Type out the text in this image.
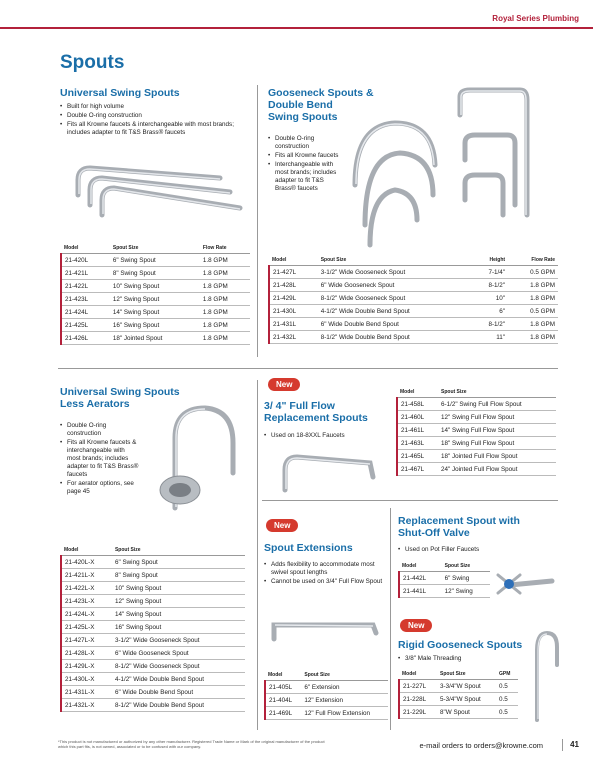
Royal Series Plumbing
Spouts
Universal Swing Spouts
• Built for high volume
• Double O-ring construction
• Fits all Krowne faucets & interchangeable with most brands; includes adapter to fit T&S Brass® faucets
Model	Spout Size	Flow Rate
21-420L	6" Swing Spout	1.8 GPM
21-421L	8" Swing Spout	1.8 GPM
21-422L	10" Swing Spout	1.8 GPM
21-423L	12" Swing Spout	1.8 GPM
21-424L	14" Swing Spout	1.8 GPM
21-425L	16" Swing Spout	1.8 GPM
21-426L	18" Jointed Spout	1.8 GPM
Gooseneck Spouts &
Double Bend
Swing Spouts
• Double O-ring construction
• Fits all Krowne faucets
• Interchangeable with most brands; includes adapter to fit T&S Brass® faucets
Model	Spout Size	Height	Flow Rate
21-427L	3-1/2" Wide Gooseneck Spout	7-1/4"	0.5 GPM
21-428L	6" Wide Gooseneck Spout	8-1/2"	1.8 GPM
21-429L	8-1/2" Wide Gooseneck Spout	10"	1.8 GPM
21-430L	4-1/2" Wide Double Bend Spout	6"	0.5 GPM
21-431L	6" Wide Double Bend Spout	8-1/2"	1.8 GPM
21-432L	8-1/2" Wide Double Bend Spout	11"	1.8 GPM
Universal Swing Spouts
Less Aerators
• Double O-ring construction
• Fits all Krowne faucets & interchangeable with most brands; includes adapter to fit T&S Brass® faucets
• For aerator options, see page 45
Model	Spout Size
21-420L-X	6" Swing Spout
21-421L-X	8" Swing Spout
21-422L-X	10" Swing Spout
21-423L-X	12" Swing Spout
21-424L-X	14" Swing Spout
21-425L-X	16" Swing Spout
21-427L-X	3-1/2" Wide Gooseneck Spout
21-428L-X	6" Wide Gooseneck Spout
21-429L-X	8-1/2" Wide Gooseneck Spout
21-430L-X	4-1/2" Wide Double Bend Spout
21-431L-X	6" Wide Double Bend Spout
21-432L-X	8-1/2" Wide Double Bend Spout
New
3/ 4" Full Flow
Replacement Spouts
• Used on 18-8XXL Faucets
Model	Spout Size
21-458L	6-1/2" Swing Full Flow Spout
21-460L	12" Swing Full Flow Spout
21-461L	14" Swing Full Flow Spout
21-463L	18" Swing Full Flow Spout
21-465L	18" Jointed Full Flow Spout
21-467L	24" Jointed Full Flow Spout
New
Spout Extensions
• Adds flexibility to accommodate most swivel spout lengths
• Cannot be used on 3/4" Full Flow Spout
Model	Spout Size
21-405L	6" Extension
21-404L	12" Extension
21-469L	12" Full Flow Extension
Replacement Spout with
Shut-Off Valve
• Used on Pot Filler Faucets
Model	Spout Size
21-442L	6" Swing
21-441L	12" Swing
New
Rigid Gooseneck Spouts
• 3/8" Male Threading
Model	Spout Size	GPM
21-227L	3-3/4"W Spout	0.5
21-228L	5-3/4"W Spout	0.5
21-229L	8"W Spout	0.5
*This product is not manufactured or authorized by any other manufacturer. Registered Trade Name or Mark of the original manufacturer of the product which this part fits, is not owned, associated or to be confused with our company.	e-mail orders to orders@krowne.com	41
